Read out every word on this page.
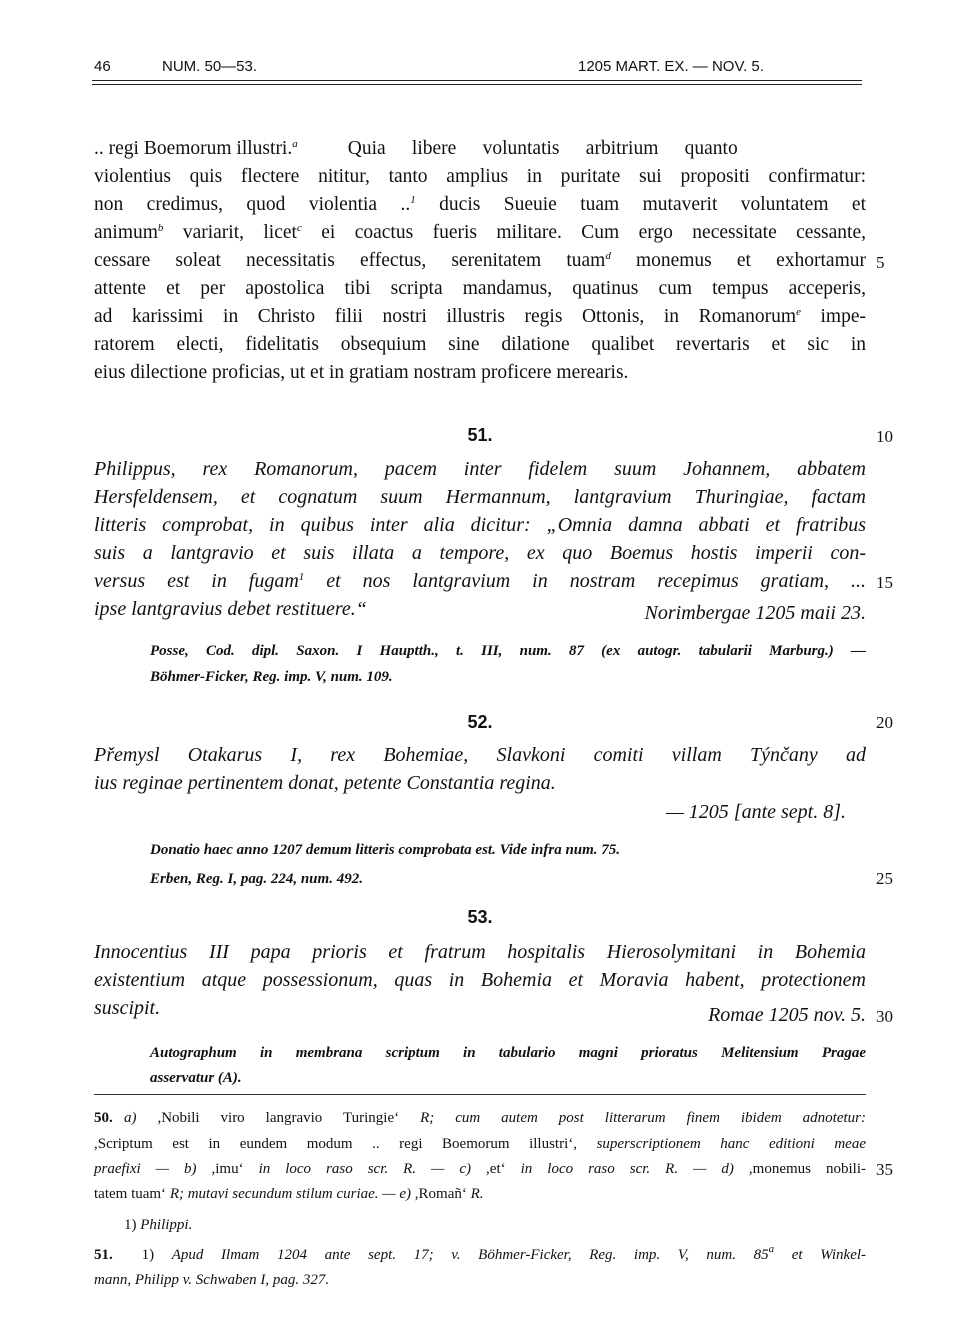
46	NUM. 50—53.	1205 MART. EX. — NOV. 5.
.. regi Boemorum illustri.$^a$	Quia libere voluntatis arbitrium quanto
violentius quis flectere nititur, tanto amplius in puritate sui propositi confirmatur:
non credimus, quod violentia ..$^1$ ducis Sueuie tuam mutaverit voluntatem et
animum$^b$ variarit, licet$^c$ ei coactus fueris militare. Cum ergo necessitate cessante,
cessare soleat necessitatis effectus, serenitatem tuam$^d$ monemus et exhortamur
attente et per apostolica tibi scripta mandamus, quatinus cum tempus acceperis,
ad karissimi in Christo filii nostri illustris regis Ottonis, in Romanorum$^e$ impe-
ratorem electi, fidelitatis obsequium sine dilatione qualibet revertaris et sic in
eius dilectione proficias, ut et in gratiam nostram proficere merearis.
51.
Philippus, rex Romanorum, pacem inter fidelem suum Johannem, abbatem
Hersfeldensem, et cognatum suum Hermannum, lantgravium Thuringiae, factam
litteris comprobat, in quibus inter alia dicitur: „Omnia damna abbati et fratribus
suis a lantgravio et suis illata a tempore, ex quo Boemus hostis imperii con-
versus est in fugam$^1$ et nos lantgravium in nostram recepimus gratiam, ...
ipse lantgravius debet restituere.“	Norimbergae 1205 maii 23.
Posse, Cod. dipl. Saxon. I Hauptth., t. III, num. 87 (ex autogr. tabularii Marburg.) —
Böhmer-Ficker, Reg. imp. V, num. 109.
52.
Přemysl Otakarus I, rex Bohemiae, Slavkoni comiti villam Týnčany ad
ius reginae pertinentem donat, petente Constantia regina.
— 1205 [ante sept. 8].
Donatio haec anno 1207 demum litteris comprobata est. Vide infra num. 75.
Erben, Reg. I, pag. 224, num. 492.
53.
Innocentius III papa prioris et fratrum hospitalis Hierosolymitani in Bohemia
existentium atque possessionum, quas in Bohemia et Moravia habent, protectionem
suscipit.	Romae 1205 nov. 5.
Autographum in membrana scriptum in tabulario magni prioratus Melitensium Pragae
asservatur (A).
5
10
15
20
25
30
35
50. a) ,Nobili viro langravio Turingie‘ R; cum autem post litterarum finem ibidem adnotetur:
,Scriptum est in eundem modum .. regi Boemorum illustri‘, superscriptionem hanc editioni meae
praefixi — b) ,imu‘ in loco raso scr. R. — c) ,et‘ in loco raso scr. R. — d) ,monemus nobili-
tatem tuam‘ R; mutavi secundum stilum curiae. — e) ,Romañ‘ R.
1) Philippi.
51. 1) Apud Ilmam 1204 ante sept. 17; v. Böhmer-Ficker, Reg. imp. V, num. 85$^a$ et Winkel-
mann, Philipp v. Schwaben I, pag. 327.
